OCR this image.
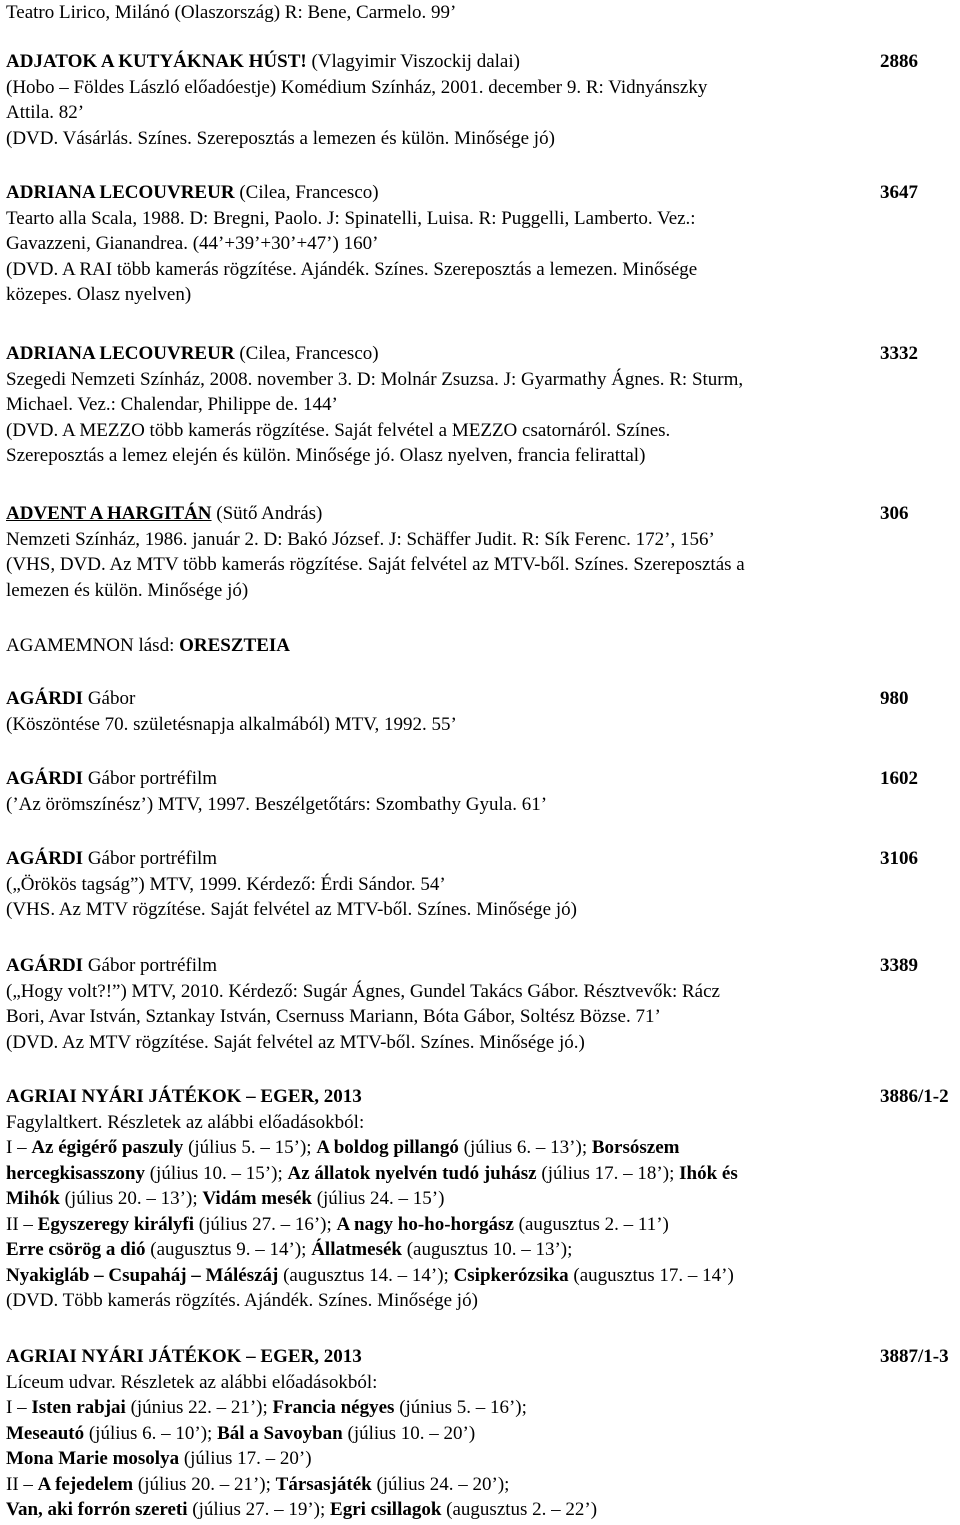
Teatro Lirico, Milánó (Olaszország) R: Bene, Carmelo. 99’
ADJATOK A KUTYÁKNAK HÚST! (Vlagyimir Viszockij dalai)	2886
(Hobo – Földes László előadóestje) Komédium Színház, 2001. december 9. R: Vidnyánszky
Attila. 82’
(DVD. Vásárlás. Színes. Szereposztás a lemezen és külön. Minősége jó)
ADRIANA LECOUVREUR (Cilea, Francesco)	3647
Tearto alla Scala, 1988. D: Bregni, Paolo. J: Spinatelli, Luisa. R: Puggelli, Lamberto. Vez.:
Gavazzeni, Gianandrea. (44’+39’+30’+47’) 160’
(DVD. A RAI több kamerás rögzítése. Ajándék. Színes. Szereposztás a lemezen. Minősége
közepes. Olasz nyelven)
ADRIANA LECOUVREUR (Cilea, Francesco)	3332
Szegedi Nemzeti Színház, 2008. november 3. D: Molnár Zsuzsa. J: Gyarmathy Ágnes. R: Sturm,
Michael. Vez.: Chalendar, Philippe de. 144’
(DVD. A MEZZO több kamerás rögzítése. Saját felvétel a MEZZO csatornáról. Színes.
Szereposztás a lemez elején és külön. Minősége jó. Olasz nyelven, francia felirattal)
ADVENT A HARGITÁN (Sütő András)	306
Nemzeti Színház, 1986. január 2. D: Bakó József. J: Schäffer Judit. R: Sík Ferenc. 172’, 156’
(VHS, DVD. Az MTV több kamerás rögzítése. Saját felvétel az MTV-ből. Színes. Szereposztás a
lemezen és külön. Minősége jó)
AGAMEMNON lásd: ORESZTEIA
AGÁRDI Gábor	980
(Köszöntése 70. születésnapja alkalmából) MTV, 1992. 55’
AGÁRDI Gábor portréfilm	1602
(’Az örömszínész’) MTV, 1997. Beszélgetőtárs: Szombathy Gyula. 61’
AGÁRDI Gábor portréfilm	3106
(„Örökös tagság”) MTV, 1999. Kérdező: Érdi Sándor. 54’
(VHS. Az MTV rögzítése. Saját felvétel az MTV-ből. Színes. Minősége jó)
AGÁRDI Gábor portréfilm	3389
(„Hogy volt?!”) MTV, 2010. Kérdező: Sugár Ágnes, Gundel Takács Gábor. Résztvevők: Rácz
Bori, Avar István, Sztankay István, Csernuss Mariann, Bóta Gábor, Soltész Bözse. 71’
(DVD. Az MTV rögzítése. Saját felvétel az MTV-ből. Színes. Minősége jó.)
AGRIAI NYÁRI JÁTÉKOK – EGER, 2013	3886/1-2
Fagylaltkert. Részletek az alábbi előadásokból:
I – Az égigérő paszuly (július 5. – 15’); A boldog pillangó (július 6. – 13’); Borsószem
hercegkisasszony (július 10. – 15’); Az állatok nyelvén tudó juhász (július 17. – 18’); Ihók és
Mihók (július 20. – 13’); Vidám mesék (július 24. – 15’)
II – Egyszeregy királyfi (július 27. – 16’); A nagy ho-ho-horgász (augusztus 2. – 11’)
Erre csörög a dió (augusztus 9. – 14’); Állatmesék (augusztus 10. – 13’);
Nyakigláb – Csupaháj – Málészáj (augusztus 14. – 14’); Csipkerózsika (augusztus 17. – 14’)
(DVD. Több kamerás rögzítés. Ajándék. Színes. Minősége jó)
AGRIAI NYÁRI JÁTÉKOK – EGER, 2013	3887/1-3
Líceum udvar. Részletek az alábbi előadásokból:
I – Isten rabjai (június 22. – 21’); Francia négyes (június 5. – 16’);
Meseautó (július 6. – 10’); Bál a Savoyban (július 10. – 20’)
Mona Marie mosolya (július 17. – 20’)
II – A fejedelem (július 20. – 21’); Társasjáték (július 24. – 20’);
Van, aki forrón szereti (július 27. – 19’); Egri csillagok (augusztus 2. – 22’)
